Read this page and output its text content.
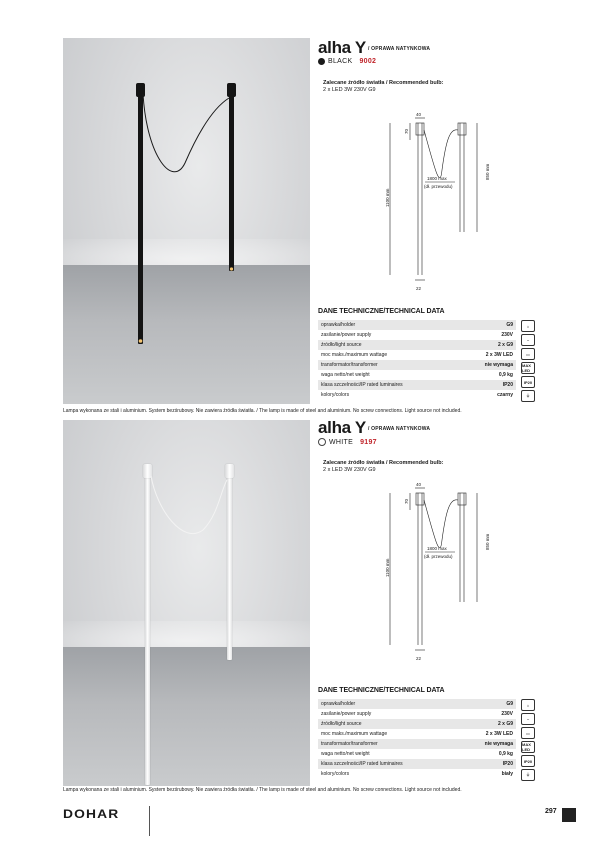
alha Y / OPRAWA NATYNKOWA
BLACK 9002
Zalecane źródło światła / Recommended bulb:
2 x LED 3W 230V G9
40
70
1800 max
(dł. przewodu)
1100 mm
850 mm
22
DANE TECHNICZNE/TECHNICAL DATA
oprawka/holder	G9
zasilanie/power supply	230V
źródło/light source	2 x G9
moc maks./maximum wattage	2 x 3W LED
transformator/transformer	nie wymaga
waga netto/net weight	0,9 kg
klasa szczelności/IP rated luminaires	IP20
kolory/colors	czarny
⌂
~
▭
MAX LED
IP20
⏚
Lampa wykonana ze stali i aluminium. System bezśrubowy. Nie zawiera źródła światła. / The lamp is made of steel and aluminium. No screw connections. Light source not included.
alha Y / OPRAWA NATYNKOWA
WHITE 9197
Zalecane źródło światła / Recommended bulb:
2 x LED 3W 230V G9
40
70
1800 max
(dł. przewodu)
1100 mm
850 mm
22
DANE TECHNICZNE/TECHNICAL DATA
oprawka/holder	G9
zasilanie/power supply	230V
źródło/light source	2 x G9
moc maks./maximum wattage	2 x 3W LED
transformator/transformer	nie wymaga
waga netto/net weight	0,9 kg
klasa szczelności/IP rated luminaires	IP20
kolory/colors	biały
⌂
~
▭
MAX LED
IP20
⏚
Lampa wykonana ze stali i aluminium. System bezśrubowy. Nie zawiera źródła światła. / The lamp is made of steel and aluminium. No screw connections. Light source not included.
DOHAR	297
